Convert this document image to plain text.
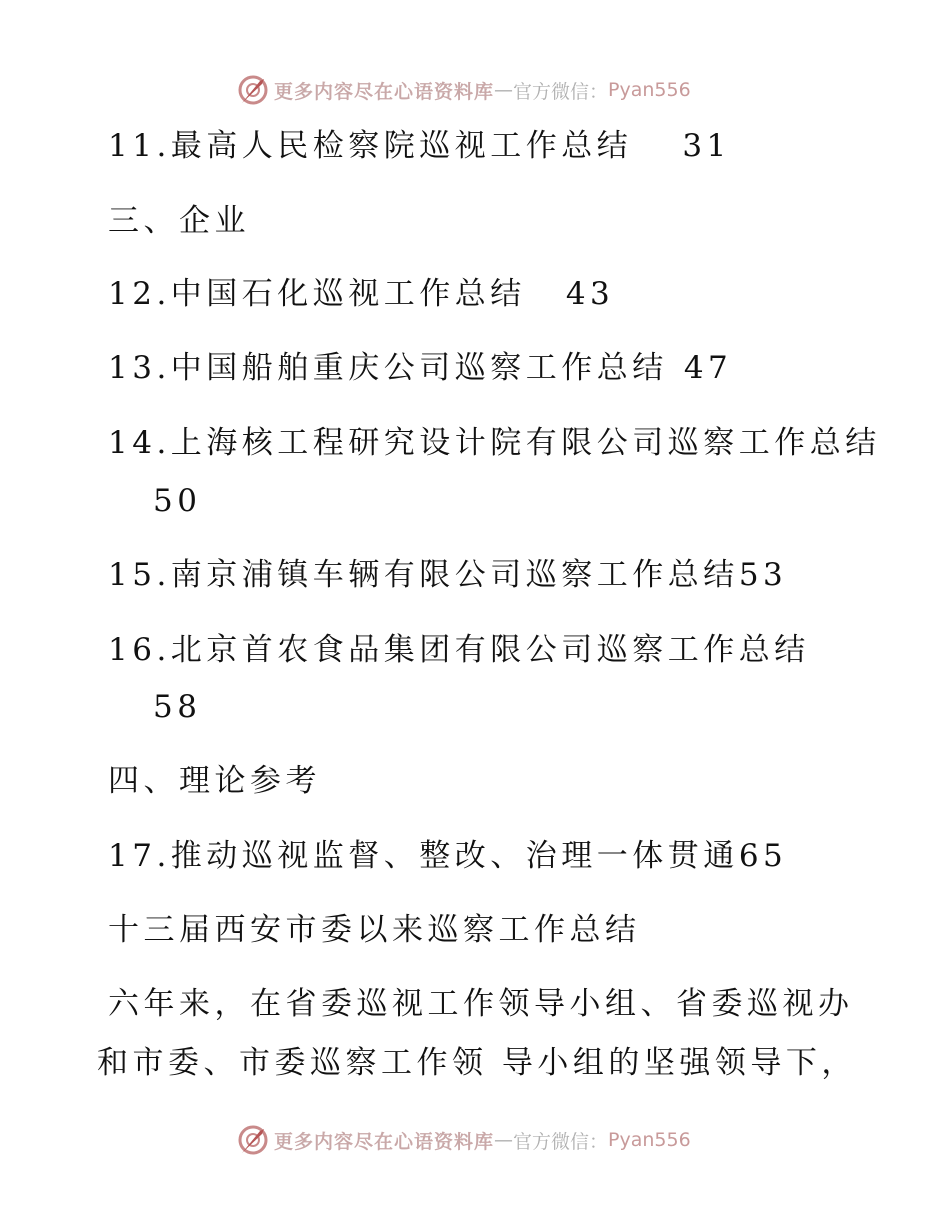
更多内容尽在心语资料库 — 官方微信： Pyan556
11.最高人民检察院巡视工作总结 31
三、企业
12.中国石化巡视工作总结 43
13.中国船舶重庆公司巡察工作总结 47
14.上海核工程研究设计院有限公司巡察工作总结
50
15.南京浦镇车辆有限公司巡察工作总结53
16.北京首农食品集团有限公司巡察工作总结
58
四、理论参考
17.推动巡视监督、整改、治理一体贯通65
十三届西安市委以来巡察工作总结
六年来，在省委巡视工作领导小组、省委巡视办
和市委、市委巡察工作领 导小组的坚强领导下，
更多内容尽在心语资料库 — 官方微信： Pyan556
